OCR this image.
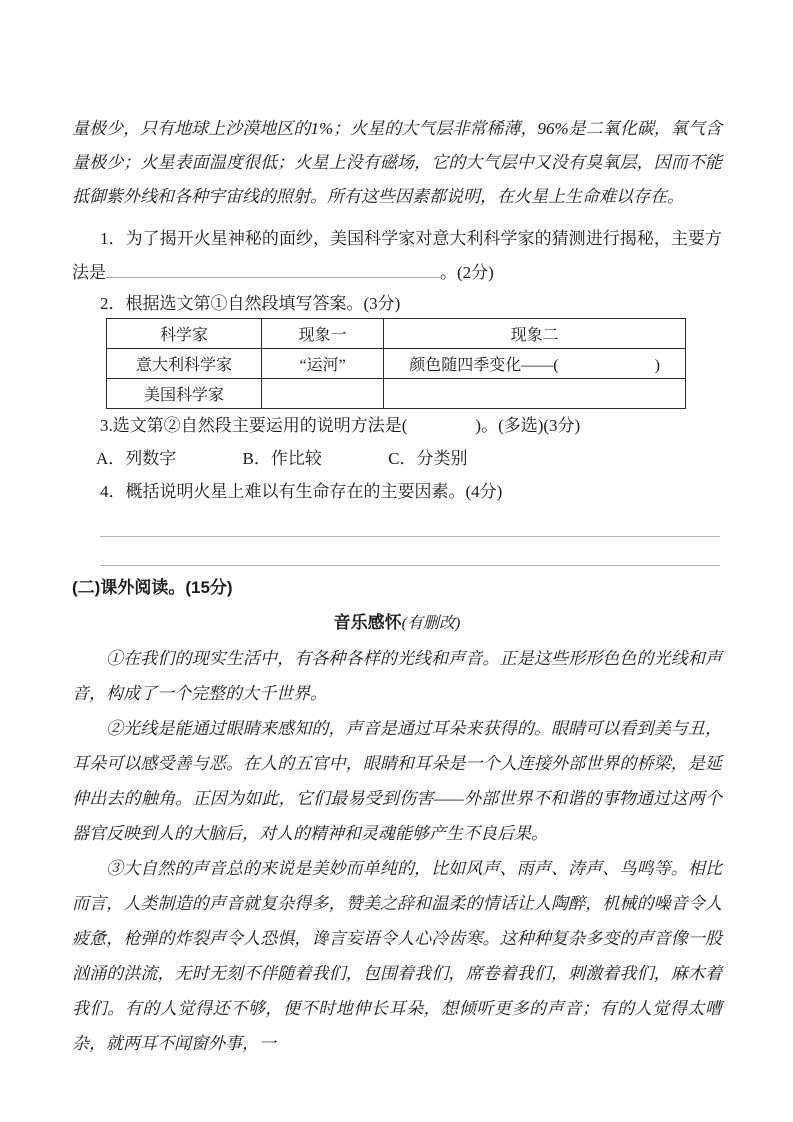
量极少，只有地球上沙漠地区的1%；火星的大气层非常稀薄，96%是二氧化碳，氧气含量极少；火星表面温度很低；火星上没有磁场，它的大气层中又没有臭氧层，因而不能抵御紫外线和各种宇宙线的照射。所有这些因素都说明，在火星上生命难以存在。

1．为了揭开火星神秘的面纱，美国科学家对意大利科学家的猜测进行揭秘，主要方法是	。(2分)

2．根据选文第①自然段填写答案。(3分)

科学家	现象一	现象二
意大利科学家	“运河”	颜色随四季变化——(　　　　　　)
美国科学家		

3.选文第②自然段主要运用的说明方法是(　　　　)。(多选)(3分)

A．列数字	B．作比较	C．分类别

4．概括说明火星上难以有生命存在的主要因素。(4分)

(二)课外阅读。(15分)

音乐感怀(有删改)

①在我们的现实生活中，有各种各样的光线和声音。正是这些形形色色的光线和声音，构成了一个完整的大千世界。

②光线是能通过眼睛来感知的，声音是通过耳朵来获得的。眼睛可以看到美与丑，耳朵可以感受善与恶。在人的五官中，眼睛和耳朵是一个人连接外部世界的桥梁，是延伸出去的触角。正因为如此，它们最易受到伤害——外部世界不和谐的事物通过这两个器官反映到人的大脑后，对人的精神和灵魂能够产生不良后果。

③大自然的声音总的来说是美妙而单纯的，比如风声、雨声、涛声、鸟鸣等。相比而言，人类制造的声音就复杂得多，赞美之辞和温柔的情话让人陶醉，机械的噪音令人疲惫，枪弹的炸裂声令人恐惧，谗言妄语令人心冷齿寒。这种种复杂多变的声音像一股汹涌的洪流，无时无刻不伴随着我们，包围着我们，席卷着我们，刺激着我们，麻木着我们。有的人觉得还不够，便不时地伸长耳朵，想倾听更多的声音；有的人觉得太嘈杂，就两耳不闻窗外事，一
